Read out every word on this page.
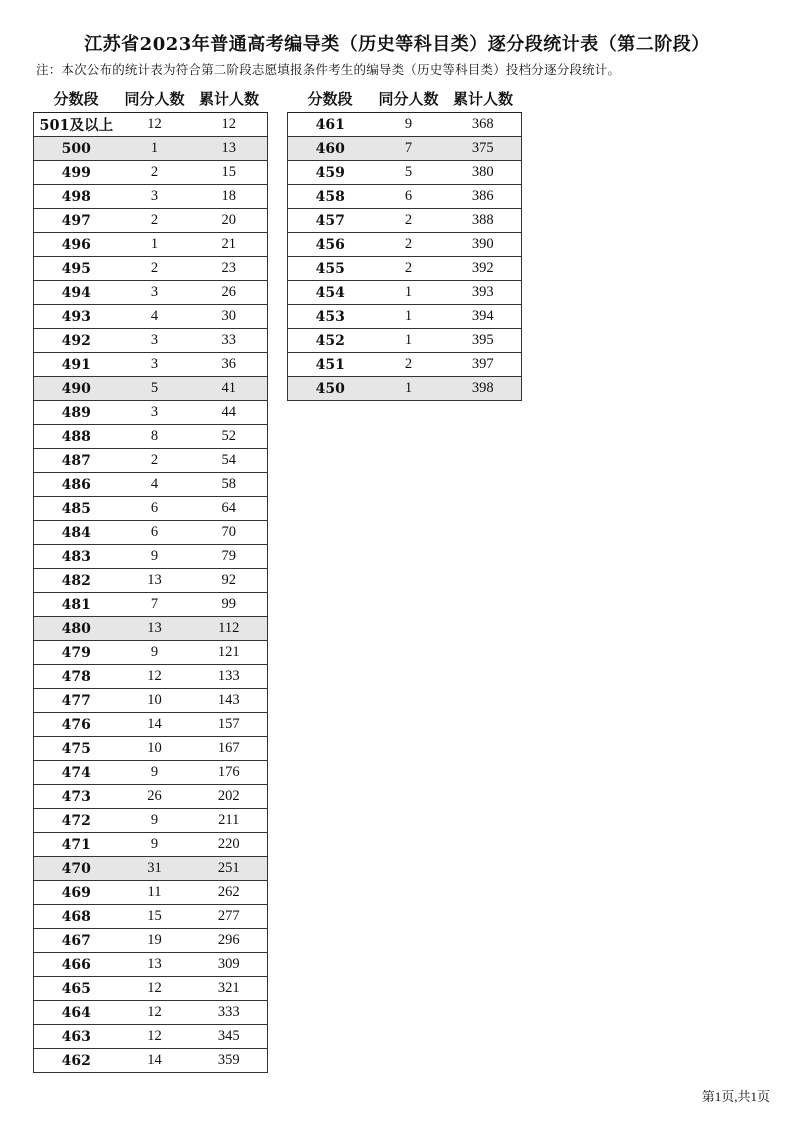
江苏省2023年普通高考编导类（历史等科目类）逐分段统计表（第二阶段）
注：本次公布的统计表为符合第二阶段志愿填报条件考生的编导类（历史等科目类）投档分逐分段统计。
分数段	同分人数	累计人数
501及以上	12	12
500	1	13
499	2	15
498	3	18
497	2	20
496	1	21
495	2	23
494	3	26
493	4	30
492	3	33
491	3	36
490	5	41
489	3	44
488	8	52
487	2	54
486	4	58
485	6	64
484	6	70
483	9	79
482	13	92
481	7	99
480	13	112
479	9	121
478	12	133
477	10	143
476	14	157
475	10	167
474	9	176
473	26	202
472	9	211
471	9	220
470	31	251
469	11	262
468	15	277
467	19	296
466	13	309
465	12	321
464	12	333
463	12	345
462	14	359
分数段	同分人数	累计人数
461	9	368
460	7	375
459	5	380
458	6	386
457	2	388
456	2	390
455	2	392
454	1	393
453	1	394
452	1	395
451	2	397
450	1	398
第1页,共1页
